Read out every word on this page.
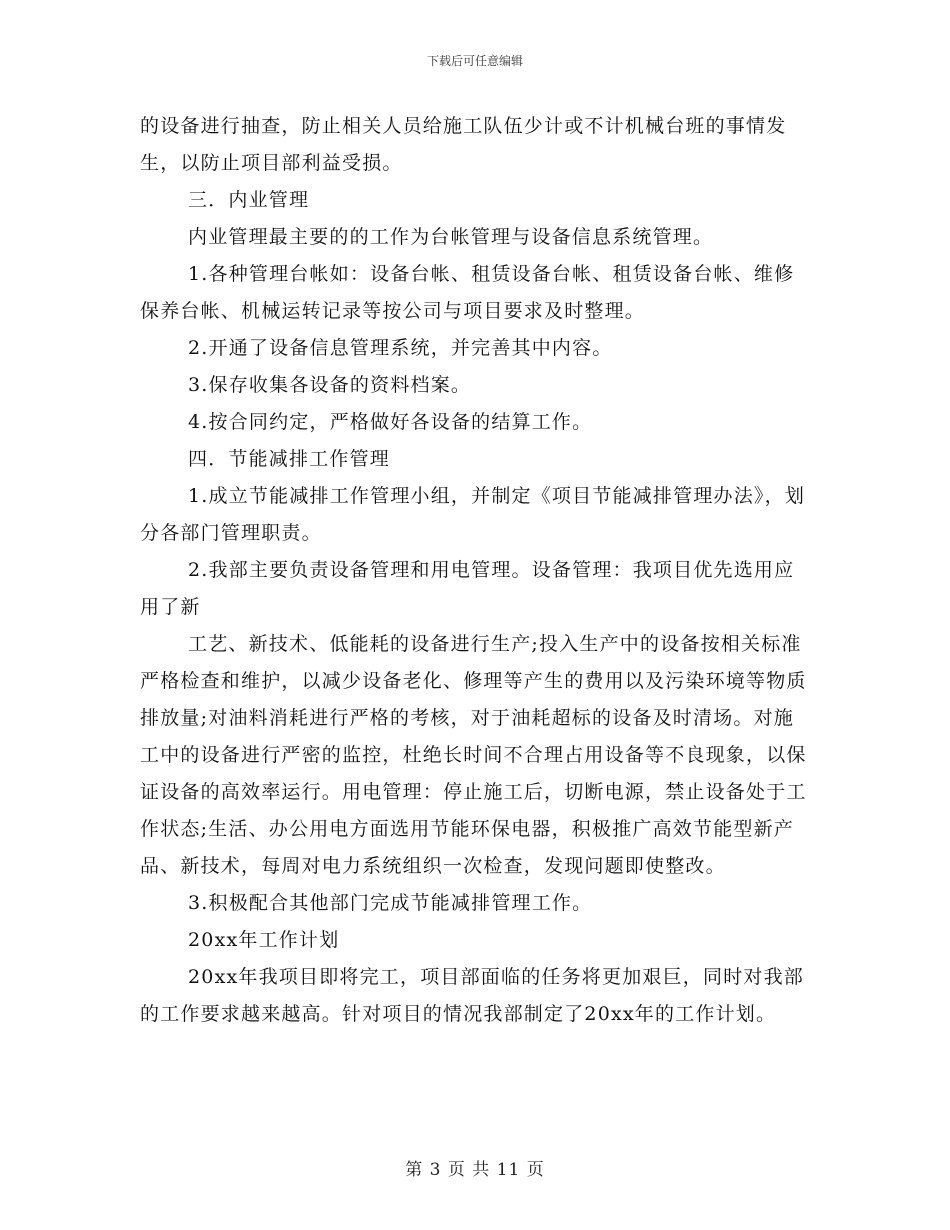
下载后可任意编辑

的设备进行抽查，防止相关人员给施工队伍少计或不计机械台班的事情发生，以防止项目部利益受损。

三．内业管理

内业管理最主要的的工作为台帐管理与设备信息系统管理。

1.各种管理台帐如：设备台帐、租赁设备台帐、租赁设备台帐、维修保养台帐、机械运转记录等按公司与项目要求及时整理。

2.开通了设备信息管理系统，并完善其中内容。

3.保存收集各设备的资料档案。

4.按合同约定，严格做好各设备的结算工作。

四．节能减排工作管理

1.成立节能减排工作管理小组，并制定《项目节能减排管理办法》，划分各部门管理职责。

2.我部主要负责设备管理和用电管理。设备管理：我项目优先选用应用了新

工艺、新技术、低能耗的设备进行生产;投入生产中的设备按相关标准严格检查和维护，以减少设备老化、修理等产生的费用以及污染环境等物质排放量;对油料消耗进行严格的考核，对于油耗超标的设备及时清场。对施工中的设备进行严密的监控，杜绝长时间不合理占用设备等不良现象，以保证设备的高效率运行。用电管理：停止施工后，切断电源，禁止设备处于工作状态;生活、办公用电方面选用节能环保电器，积极推广高效节能型新产品、新技术，每周对电力系统组织一次检查，发现问题即使整改。

3.积极配合其他部门完成节能减排管理工作。

20xx年工作计划

20xx年我项目即将完工，项目部面临的任务将更加艰巨，同时对我部的工作要求越来越高。针对项目的情况我部制定了20xx年的工作计划。

第 3 页 共 11 页
